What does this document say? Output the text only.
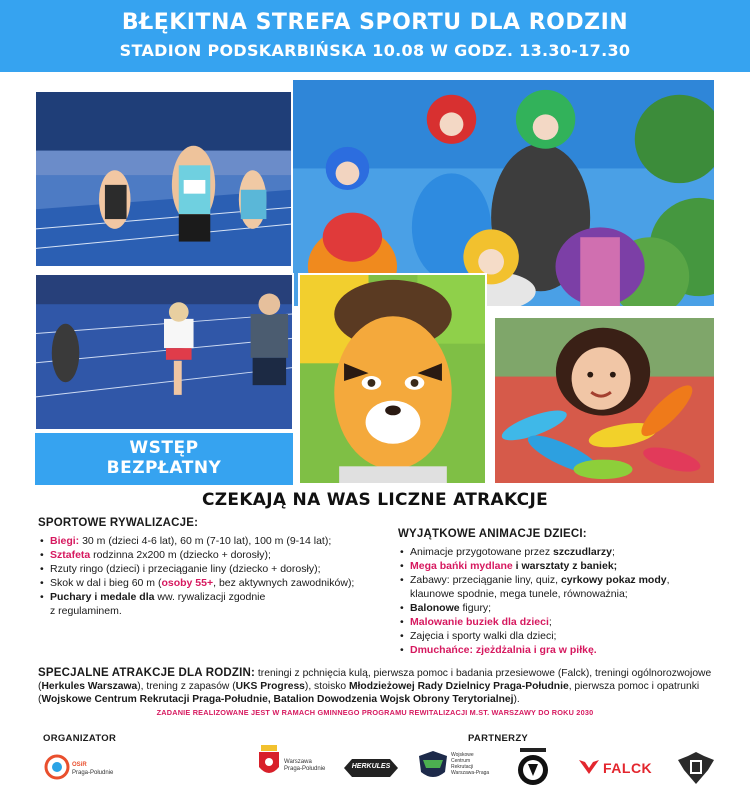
BŁĘKITNA STREFA SPORTU DLA RODZIN
STADION PODSKARBIŃSKA 10.08 W GODZ. 13.30-17.30
WSTĘP
BEZPŁATNY
CZEKAJĄ NA WAS LICZNE ATRAKCJE
SPORTOWE RYWALIZACJE:
• Biegi: 30 m (dzieci 4-6 lat), 60 m (7-10 lat), 100 m (9-14 lat);
• Sztafeta rodzinna 2x200 m (dziecko + dorosły);
• Rzuty ringo (dzieci) i przeciąganie liny (dziecko + dorosły);
• Skok w dal i bieg 60 m (osoby 55+, bez aktywnych zawodników);
• Puchary i medale dla ww. rywalizacji zgodnie
z regulaminem.
WYJĄTKOWE ANIMACJE DZIECI:
• Animacje przygotowane przez szczudlarzy;
• Mega bańki mydlane i warsztaty z baniek;
• Zabawy: przeciąganie liny, quiz, cyrkowy pokaz mody,
klaunowe spodnie, mega tunele, równoważnia;
• Balonowe figury;
• Malowanie buziek dla dzieci;
• Zajęcia i sporty walki dla dzieci;
• Dmuchańce: zjeżdżalnia i gra w piłkę.
SPECJALNE ATRAKCJE DLA RODZIN: treningi z pchnięcia kulą, pierwsza pomoc i badania przesiewowe (Falck), treningi ogólnorozwojowe (Herkules Warszawa), trening z zapasów (UKS Progress), stoisko Młodzieżowej Rady Dzielnicy Praga-Południe, pierwsza pomoc i opatrunki (Wojskowe Centrum Rekrutacji Praga-Południe, Batalion Dowodzenia Wojsk Obrony Terytorialnej).
ZADANIE REALIZOWANE JEST W RAMACH GMINNEGO PROGRAMU REWITALIZACJI M.ST. WARSZAWY DO ROKU 2030
ORGANIZATOR	PARTNERZY
OSiR
Praga-Południe
Warszawa
Praga-Południe	HERKULES
Wojskowe
Centrum
Rekrutacji
Warszawa-Praga	FALCK
